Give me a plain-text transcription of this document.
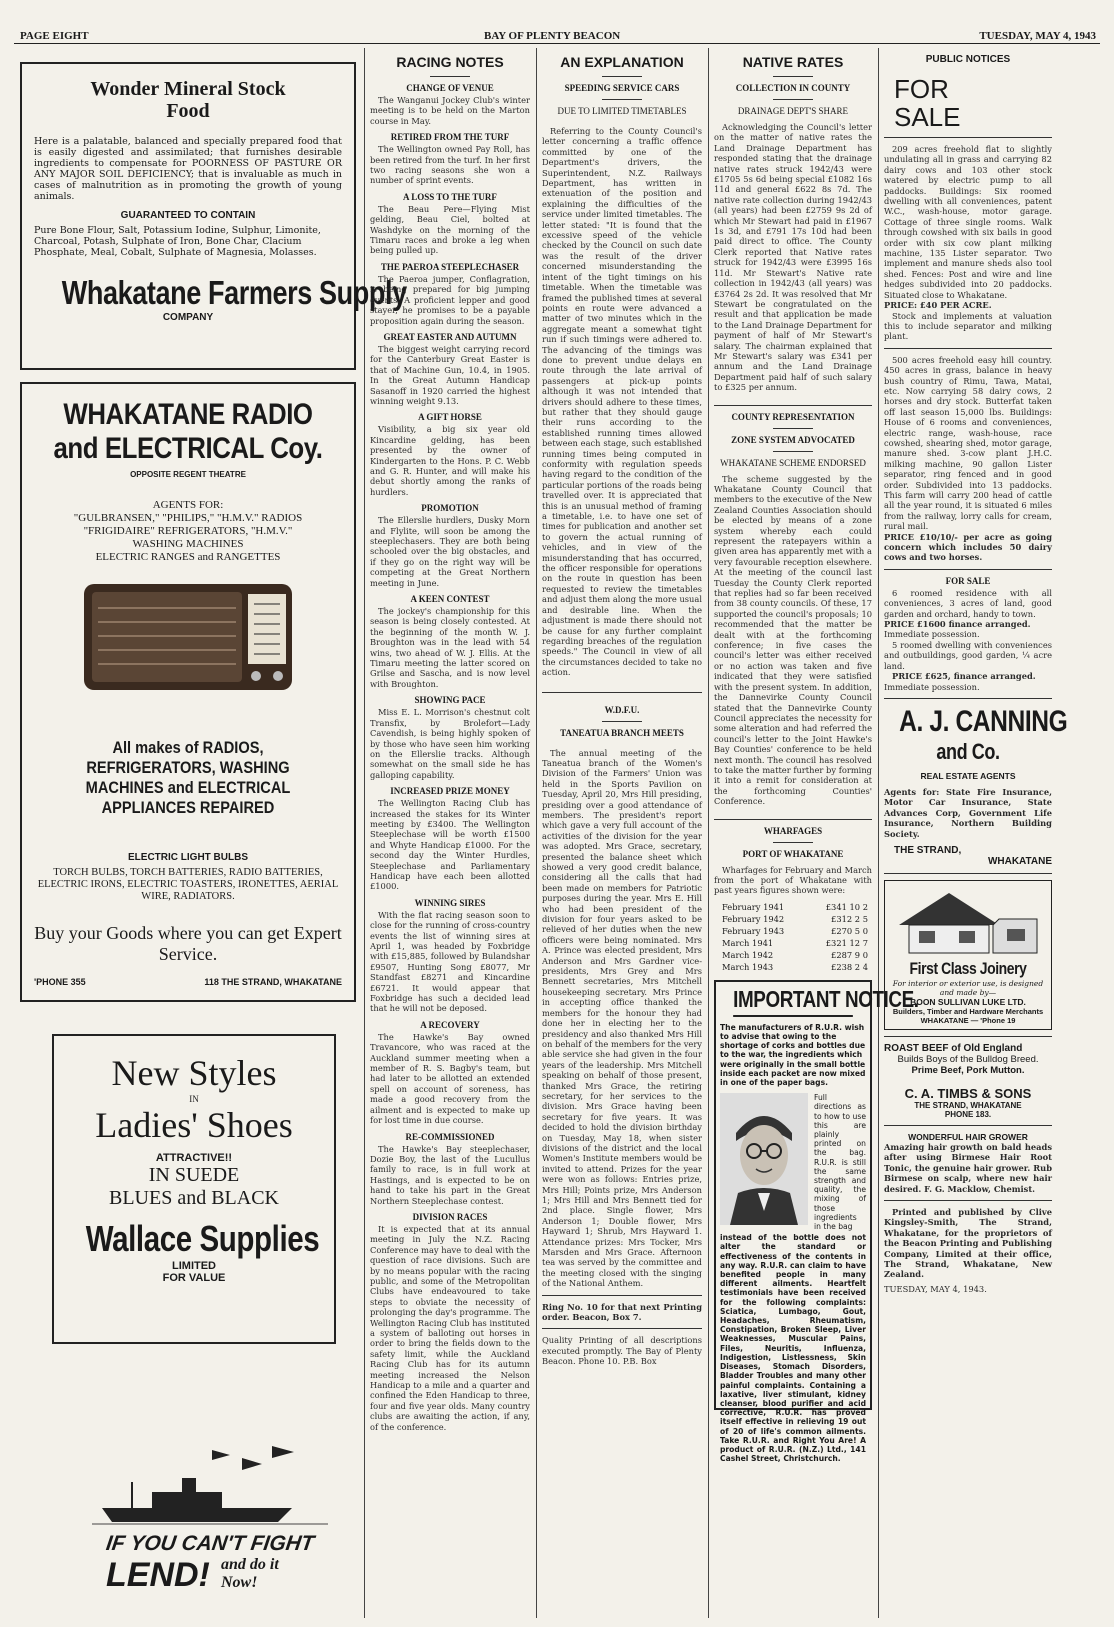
PAGE EIGHT	BAY OF PLENTY BEACON	TUESDAY, MAY 4, 1943
Wonder Mineral Stock Food
Here is a palatable, balanced and specially prepared food that is easily digested and assimilated; that furnishes desirable ingredients to compensate for POORNESS OF PASTURE OR ANY MAJOR SOIL DEFICIENCY; that is invaluable as much in cases of malnutrition as in promoting the growth of young animals.
GUARANTEED TO CONTAIN
Pure Bone Flour, Salt, Potassium Iodine, Sulphur, Limonite, Charcoal, Potash, Sulphate of Iron, Bone Char, Clacium Phosphate, Meal, Cobalt, Sulphate of Magnesia, Molasses.
Whakatane Farmers Supply
COMPANY
WHAKATANE RADIO
and ELECTRICAL Coy.
OPPOSITE REGENT THEATRE
AGENTS FOR:
"GULBRANSEN," "PHILIPS," "H.M.V." RADIOS
"FRIGIDAIRE" REFRIGERATORS, "H.M.V."
WASHING MACHINES
ELECTRIC RANGES and RANGETTES
All makes of RADIOS, REFRIGERATORS, WASHING MACHINES and ELECTRICAL APPLIANCES REPAIRED
ELECTRIC LIGHT BULBS
TORCH BULBS, TORCH BATTERIES, RADIO BATTERIES, ELECTRIC IRONS, ELECTRIC TOASTERS, IRONETTES, AERIAL WIRE, RADIATORS.
Buy your Goods where you can get Expert Service.
'PHONE 355	118 THE STRAND, WHAKATANE
New Styles
IN
Ladies' Shoes
ATTRACTIVE!!
IN SUEDE
BLUES and BLACK
Wallace Supplies
LIMITED
FOR VALUE
IF YOU CAN'T FIGHT
LEND! and do it Now!
RACING NOTES
CHANGE OF VENUE
The Wanganui Jockey Club's winter meeting is to be held on the Marton course in May.
RETIRED FROM THE TURF
The Wellington owned Pay Roll, has been retired from the turf. In her first two racing seasons she won a number of sprint events.
A LOSS TO THE TURF
The Beau Pere—Flying Mist gelding, Beau Ciel, bolted at Washdyke on the morning of the Timaru races and broke a leg when being pulled up.
THE PAEROA STEEPLECHASER
The Paeroa jumper, Conflagration, is being prepared for big jumping events. A proficient lepper and good stayer, he promises to be a payable proposition again during the season.
GREAT EASTER AND AUTUMN
The biggest weight carrying record for the Canterbury Great Easter is that of Machine Gun, 10.4, in 1905. In the Great Autumn Handicap Sasanoff in 1920 carried the highest winning weight 9.13.
A GIFT HORSE
Visibility, a big six year old Kincardine gelding, has been presented by the owner of Kindergarten to the Hons. P. C. Webb and G. R. Hunter, and will make his debut shortly among the ranks of hurdlers.
PROMOTION
The Ellerslie hurdlers, Dusky Morn and Flylite, will soon be among the steeplechasers. They are both being schooled over the big obstacles, and if they go on the right way will be competing at the Great Northern meeting in June.
A KEEN CONTEST
The jockey's championship for this season is being closely contested. At the beginning of the month W. J. Broughton was in the lead with 54 wins, two ahead of W. J. Ellis. At the Timaru meeting the latter scored on Grilse and Sascha, and is now level with Broughton.
SHOWING PACE
Miss E. L. Morrison's chestnut colt Transfix, by Brolefort—Lady Cavendish, is being highly spoken of by those who have seen him working on the Ellerslie tracks. Although somewhat on the small side he has galloping capability.
INCREASED PRIZE MONEY
The Wellington Racing Club has increased the stakes for its Winter meeting by £3400. The Wellington Steeplechase will be worth £1500 and Whyte Handicap £1000. For the second day the Winter Hurdles, Steeplechase and Parliamentary Handicap have each been allotted £1000.
WINNING SIRES
With the flat racing season soon to close for the running of cross-country events the list of winning sires at April 1, was headed by Foxbridge with £15,885, followed by Bulandshar £9507, Hunting Song £8077, Mr Standfast £8271 and Kincardine £6721. It would appear that Foxbridge has such a decided lead that he will not be deposed.
A RECOVERY
The Hawke's Bay owned Travancore, who was raced at the Auckland summer meeting when a member of R. S. Bagby's team, but had later to be allotted an extended spell on account of soreness, has made a good recovery from the ailment and is expected to make up for lost time in due course.
RE-COMMISSIONED
The Hawke's Bay steeplechaser, Dozie Boy, the last of the Lucullus family to race, is in full work at Hastings, and is expected to be on hand to take his part in the Great Northern Steeplechase contest.
DIVISION RACES
It is expected that at its annual meeting in July the N.Z. Racing Conference may have to deal with the question of race divisions. Such are by no means popular with the racing public, and some of the Metropolitan Clubs have endeavoured to take steps to obviate the necessity of prolonging the day's programme. The Wellington Racing Club has instituted a system of balloting out horses in order to bring the fields down to the safety limit, while the Auckland Racing Club has for its autumn meeting increased the Nelson Handicap to a mile and a quarter and confined the Eden Handicap to three, four and five year olds. Many country clubs are awaiting the action, if any, of the conference.
AN EXPLANATION
SPEEDING SERVICE CARS
DUE TO LIMITED TIMETABLES
Referring to the County Council's letter concerning a traffic offence committed by one of the Department's drivers, the Superintendent, N.Z. Railways Department, has written in extenuation of the position and explaining the difficulties of the service under limited timetables. The letter stated: "It is found that the excessive speed of the vehicle checked by the Council on such date was the result of the driver concerned misunderstanding the intent of the tight timings on his timetable. When the timetable was framed the published times at several points en route were advanced a matter of two minutes which in the aggregate meant a somewhat tight run if such timings were adhered to. The advancing of the timings was done to prevent undue delays en route through the late arrival of passengers at pick-up points although it was not intended that drivers should adhere to these times, but rather that they should gauge their runs according to the established running times allowed between each stage, such established running times being computed in conformity with regulation speeds having regard to the condition of the particular portions of the roads being travelled over. It is appreciated that this is an unusual method of framing a timetable, i.e. to have one set of times for publication and another set to govern the actual running of vehicles, and in view of the misunderstanding that has occurred, the officer responsible for operations on the route in question has been requested to review the timetables and adjust them along the more usual and desirable line. When the adjustment is made there should not be cause for any further complaint regarding breaches of the regulation speeds." The Council in view of all the circumstances decided to take no action.
W.D.F.U.
TANEATUA BRANCH MEETS
The annual meeting of the Taneatua branch of the Women's Division of the Farmers' Union was held in the Sports Pavilion on Tuesday, April 20, Mrs Hill presiding, presiding over a good attendance of members. The president's report which gave a very full account of the activities of the division for the year was adopted. Mrs Grace, secretary, presented the balance sheet which showed a very good credit balance, considering all the calls that had been made on members for Patriotic purposes during the year. Mrs E. Hill who had been president of the division for four years asked to be relieved of her duties when the new officers were being nominated. Mrs A. Prince was elected president, Mrs Anderson and Mrs Gardner vice-presidents, Mrs Grey and Mrs Bennett secretaries, Mrs Mitchell housekeeping secretary. Mrs Prince in accepting office thanked the members for the honour they had done her in electing her to the presidency and also thanked Mrs Hill on behalf of the members for the very able service she had given in the four years of the leadership. Mrs Mitchell speaking on behalf of those present, thanked Mrs Grace, the retiring secretary, for her services to the division. Mrs Grace having been secretary for five years. It was decided to hold the division birthday on Tuesday, May 18, when sister divisions of the district and the local Women's Institute members would be invited to attend. Prizes for the year were won as follows: Entries prize, Mrs Hill; Points prize, Mrs Anderson 1; Mrs Hill and Mrs Bennett tied for 2nd place. Single flower, Mrs Anderson 1; Double flower, Mrs Hayward 1; Shrub, Mrs Hayward 1. Attendance prizes: Mrs Tocker, Mrs Marsden and Mrs Grace. Afternoon tea was served by the committee and the meeting closed with the singing of the National Anthem.
Ring No. 10 for that next Printing order. Beacon, Box 7.
Quality Printing of all descriptions executed promptly. The Bay of Plenty Beacon. Phone 10. P.B. Box
NATIVE RATES
COLLECTION IN COUNTY
DRAINAGE DEPT'S SHARE
Acknowledging the Council's letter on the matter of native rates the Land Drainage Department has responded stating that the drainage native rates struck 1942/43 were £1705 5s 6d being special £1082 16s 11d and general £622 8s 7d. The native rate collection during 1942/43 (all years) had been £2759 9s 2d of which Mr Stewart had paid in £1967 1s 3d, and £791 17s 10d had been paid direct to office. The County Clerk reported that Native rates struck for 1942/43 were £3995 16s 11d. Mr Stewart's Native rate collection in 1942/43 (all years) was £3764 2s 2d. It was resolved that Mr Stewart be congratulated on the result and that application be made to the Land Drainage Department for payment of half of Mr Stewart's salary. The chairman explained that Mr Stewart's salary was £341 per annum and the Land Drainage Department paid half of such salary to £325 per annum.
COUNTY REPRESENTATION
ZONE SYSTEM ADVOCATED
WHAKATANE SCHEME ENDORSED
The scheme suggested by the Whakatane County Council that members to the executive of the New Zealand Counties Association should be elected by means of a zone system whereby each could represent the ratepayers within a given area has apparently met with a very favourable reception elsewhere. At the meeting of the council last Tuesday the County Clerk reported that replies had so far been received from 38 county councils. Of these, 17 supported the council's proposals; 10 recommended that the matter be dealt with at the forthcoming conference; in five cases the council's letter was either received or no action was taken and five indicated that they were satisfied with the present system. In addition, the Dannevirke County Council stated that the Dannevirke County Council appreciates the necessity for some alteration and had referred the council's letter to the Joint Hawke's Bay Counties' conference to be held next month. The council has resolved to take the matter further by forming it into a remit for consideration at the forthcoming Counties' Conference.
WHARFAGES
PORT OF WHAKATANE
Wharfages for February and March from the port of Whakatane with past years figures shown were:
February 1941	£341 10 2
February 1942	£312 2 5
February 1943	£270 5 0
March 1941	£321 12 7
March 1942	£287 9 0
March 1943	£238 2 4
IMPORTANT NOTICE.
The manufacturers of R.U.R. wish to advise that owing to the shortage of corks and bottles due to the war, the ingredients which were originally in the small bottle inside each packet are now mixed in one of the paper bags.
Full directions as to how to use this are plainly printed on the bag. R.U.R. is still the same strength and quality, the mixing of those ingredients in the bag
instead of the bottle does not alter the standard or effectiveness of the contents in any way. R.U.R. can claim to have benefited people in many different ailments. Heartfelt testimonials have been received for the following complaints: Sciatica, Lumbago, Gout, Headaches, Rheumatism, Constipation, Broken Sleep, Liver Weaknesses, Muscular Pains, Files, Neuritis, Influenza, Indigestion, Listlessness, Skin Diseases, Stomach Disorders, Bladder Troubles and many other painful complaints. Containing a laxative, liver stimulant, kidney cleanser, blood purifier and acid corrective, R.U.R. has proved itself effective in relieving 19 out of 20 of life's common ailments. Take R.U.R. and Right You Are! A product of R.U.R. (N.Z.) Ltd., 141 Cashel Street, Christchurch.
PUBLIC NOTICES
FOR SALE
209 acres freehold flat to slightly undulating all in grass and carrying 82 dairy cows and 103 other stock watered by electric pump to all paddocks. Buildings: Six roomed dwelling with all conveniences, patent W.C., wash-house, motor garage. Cottage of three single rooms. Walk through cowshed with six bails in good order with six cow plant milking machine, 135 Lister separator. Two implement and manure sheds also tool shed. Fences: Post and wire and line hedges subdivided into 20 paddocks. Situated close to Whakatane.
PRICE: £40 PER ACRE.
Stock and implements at valuation this to include separator and milking plant.
500 acres freehold easy hill country. 450 acres in grass, balance in heavy bush country of Rimu, Tawa, Matai, etc. Now carrying 58 dairy cows, 2 horses and dry stock. Butterfat taken off last season 15,000 lbs. Buildings: House of 6 rooms and conveniences, electric range, wash-house, race cowshed, shearing shed, motor garage, manure shed. 3-cow plant J.H.C. milking machine, 90 gallon Lister separator, ring fenced and in good order. Subdivided into 13 paddocks. This farm will carry 200 head of cattle all the year round, it is situated 6 miles from the railway, lorry calls for cream, rural mail.
PRICE £10/10/- per acre as going concern which includes 50 dairy cows and two horses.
FOR SALE
6 roomed residence with all conveniences, 3 acres of land, good garden and orchard, handy to town.
PRICE £1600 finance arranged.
Immediate possession.
5 roomed dwelling with conveniences and outbuildings, good garden, ¼ acre land.
PRICE £625, finance arranged.
Immediate possession.
A. J. CANNING
and Co.
REAL ESTATE AGENTS
Agents for: State Fire Insurance, Motor Car Insurance, State Advances Corp, Government Life Insurance, Northern Building Society.
THE STRAND,
WHAKATANE
First Class Joinery
For interior or exterior use, is designed and made by—
BOON SULLIVAN LUKE LTD.
Builders, Timber and Hardware Merchants
WHAKATANE — 'Phone 19
ROAST BEEF of Old England
Builds Boys of the Bulldog Breed.
Prime Beef, Pork Mutton.
C. A. TIMBS & SONS
THE STRAND, WHAKATANE
PHONE 183.
WONDERFUL HAIR GROWER
Amazing hair growth on bald heads after using Birmese Hair Root Tonic, the genuine hair grower. Rub Birmese on scalp, where new hair desired. F. G. Macklow, Chemist.
Printed and published by Clive Kingsley-Smith, The Strand, Whakatane, for the proprietors of the Beacon Printing and Publishing Company, Limited at their office, The Strand, Whakatane, New Zealand.
TUESDAY, MAY 4, 1943.
